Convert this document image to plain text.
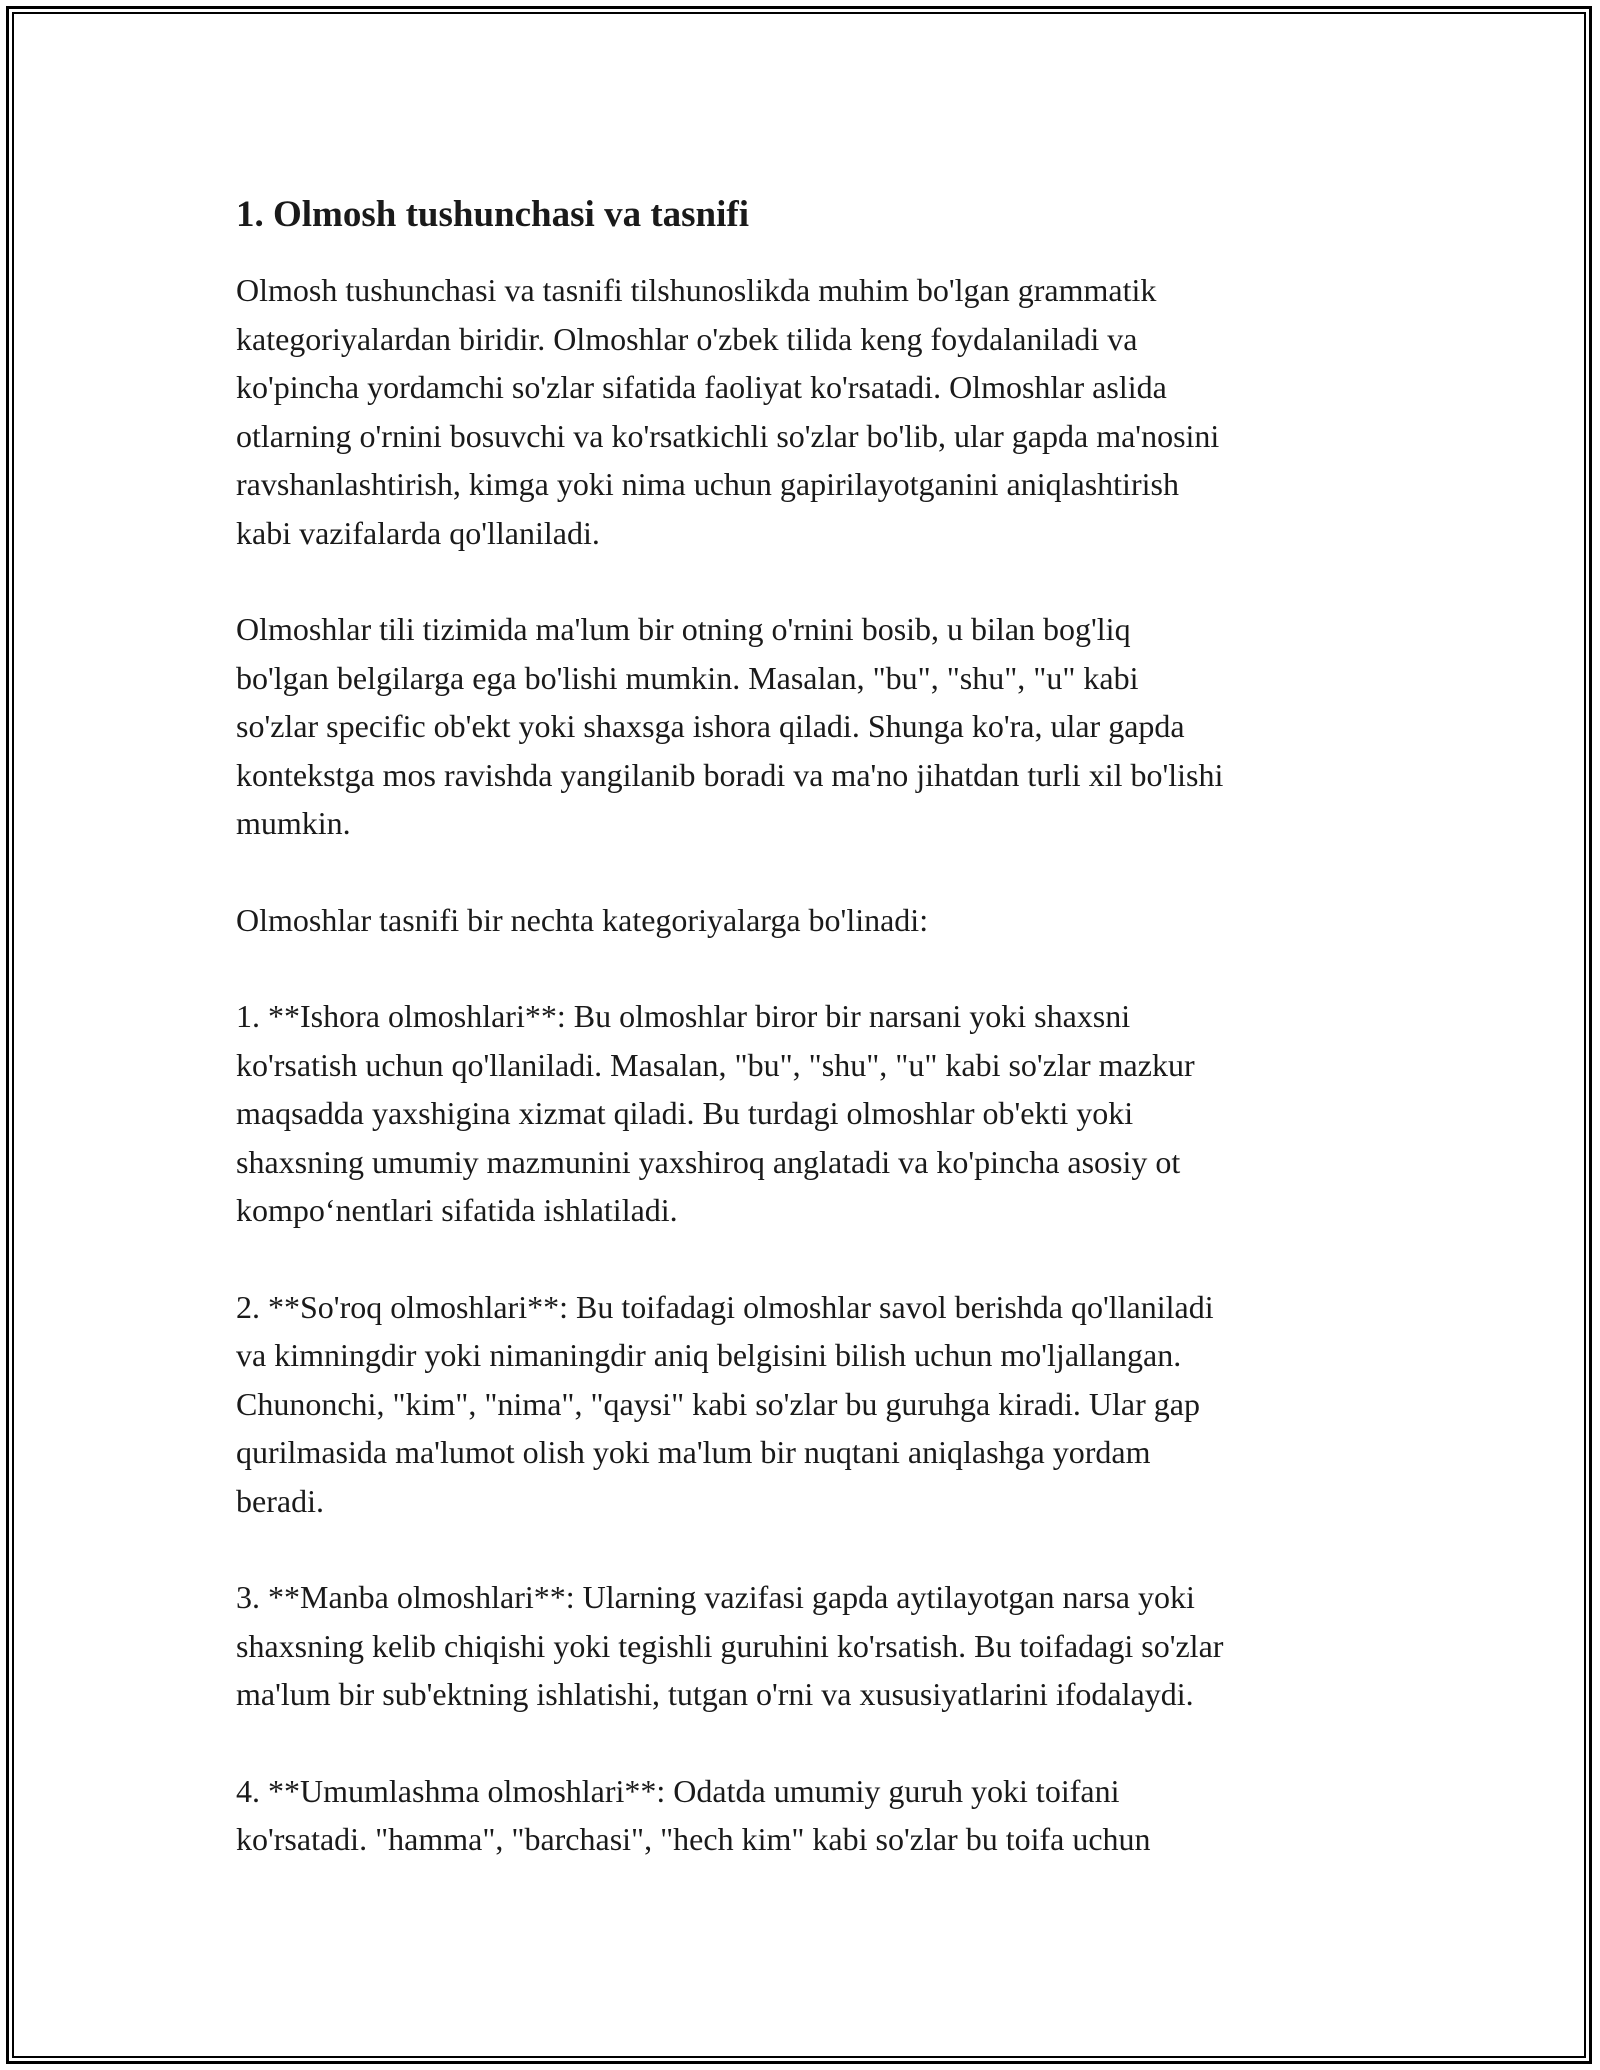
1. Olmosh tushunchasi va tasnifi

Olmosh tushunchasi va tasnifi tilshunoslikda muhim bo'lgan grammatik
kategoriyalardan biridir. Olmoshlar o'zbek tilida keng foydalaniladi va
ko'pincha yordamchi so'zlar sifatida faoliyat ko'rsatadi. Olmoshlar aslida
otlarning o'rnini bosuvchi va ko'rsatkichli so'zlar bo'lib, ular gapda ma'nosini
ravshanlashtirish, kimga yoki nima uchun gapirilayotganini aniqlashtirish
kabi vazifalarda qo'llaniladi.

Olmoshlar tili tizimida ma'lum bir otning o'rnini bosib, u bilan bog'liq
bo'lgan belgilarga ega bo'lishi mumkin. Masalan, "bu", "shu", "u" kabi
so'zlar specific ob'ekt yoki shaxsga ishora qiladi. Shunga ko'ra, ular gapda
kontekstga mos ravishda yangilanib boradi va ma'no jihatdan turli xil bo'lishi
mumkin.

Olmoshlar tasnifi bir nechta kategoriyalarga bo'linadi:

1. **Ishora olmoshlari**: Bu olmoshlar biror bir narsani yoki shaxsni
ko'rsatish uchun qo'llaniladi. Masalan, "bu", "shu", "u" kabi so'zlar mazkur
maqsadda yaxshigina xizmat qiladi. Bu turdagi olmoshlar ob'ekti yoki
shaxsning umumiy mazmunini yaxshiroq anglatadi va ko'pincha asosiy ot
kompo‘nentlari sifatida ishlatiladi.

2. **So'roq olmoshlari**: Bu toifadagi olmoshlar savol berishda qo'llaniladi
va kimningdir yoki nimaningdir aniq belgisini bilish uchun mo'ljallangan.
Chunonchi, "kim", "nima", "qaysi" kabi so'zlar bu guruhga kiradi. Ular gap
qurilmasida ma'lumot olish yoki ma'lum bir nuqtani aniqlashga yordam
beradi.

3. **Manba olmoshlari**: Ularning vazifasi gapda aytilayotgan narsa yoki
shaxsning kelib chiqishi yoki tegishli guruhini ko'rsatish. Bu toifadagi so'zlar
ma'lum bir sub'ektning ishlatishi, tutgan o'rni va xususiyatlarini ifodalaydi.

4. **Umumlashma olmoshlari**: Odatda umumiy guruh yoki toifani
ko'rsatadi. "hamma", "barchasi", "hech kim" kabi so'zlar bu toifa uchun
